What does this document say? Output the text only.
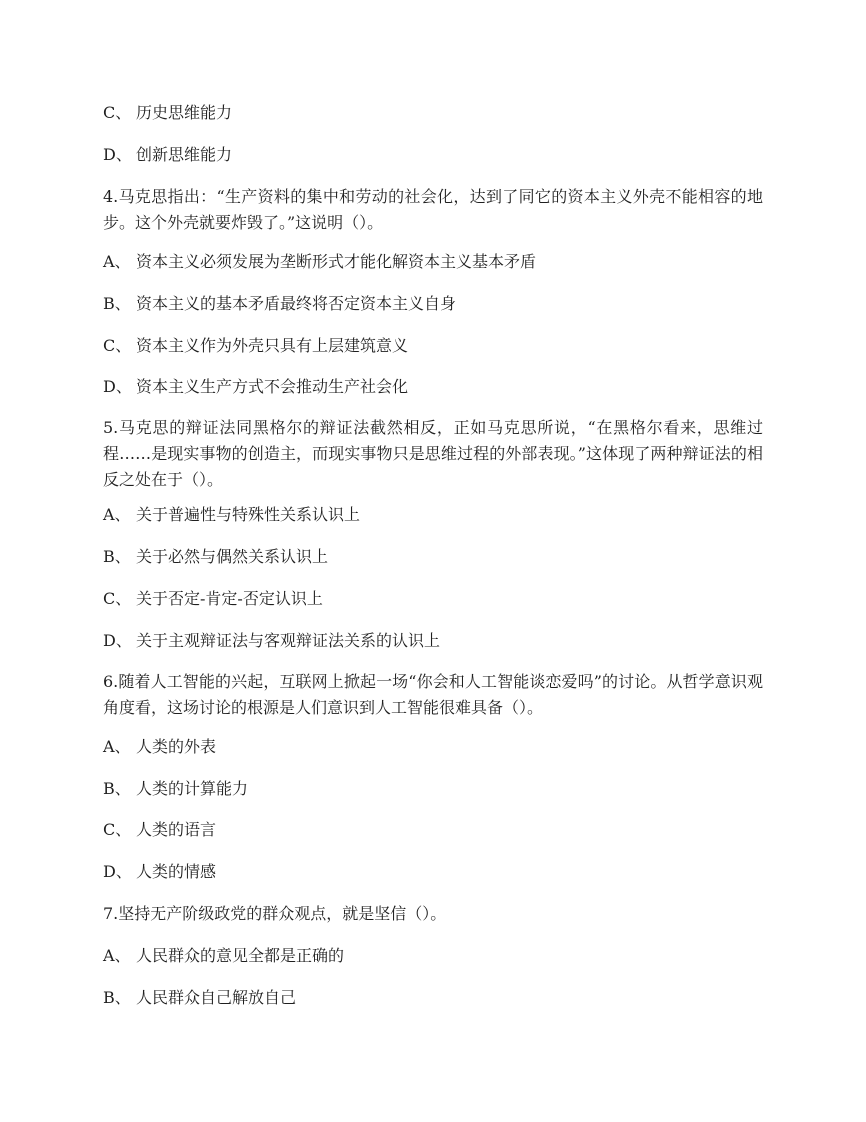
C、 历史思维能力
D、 创新思维能力
4.马克思指出：“生产资料的集中和劳动的社会化，达到了同它的资本主义外壳不能相容的地步。这个外壳就要炸毁了。”这说明（）。
A、 资本主义必须发展为垄断形式才能化解资本主义基本矛盾
B、 资本主义的基本矛盾最终将否定资本主义自身
C、 资本主义作为外壳只具有上层建筑意义
D、 资本主义生产方式不会推动生产社会化
5.马克思的辩证法同黑格尔的辩证法截然相反，正如马克思所说，“在黑格尔看来，思维过程……是现实事物的创造主，而现实事物只是思维过程的外部表现。”这体现了两种辩证法的相反之处在于（）。
A、 关于普遍性与特殊性关系认识上
B、 关于必然与偶然关系认识上
C、 关于否定-肯定-否定认识上
D、 关于主观辩证法与客观辩证法关系的认识上
6.随着人工智能的兴起，互联网上掀起一场“你会和人工智能谈恋爱吗”的讨论。从哲学意识观角度看，这场讨论的根源是人们意识到人工智能很难具备（）。
A、 人类的外表
B、 人类的计算能力
C、 人类的语言
D、 人类的情感
7.坚持无产阶级政党的群众观点，就是坚信（）。
A、 人民群众的意见全都是正确的
B、 人民群众自己解放自己
